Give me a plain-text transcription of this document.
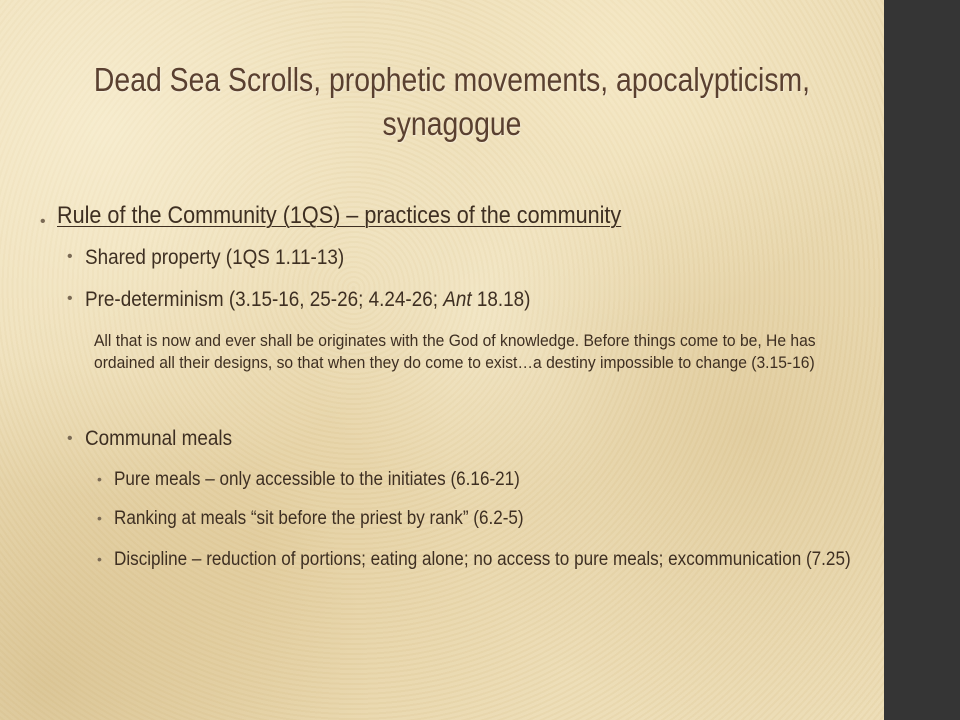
Dead Sea Scrolls, prophetic movements, apocalypticism, synagogue
• Rule of the Community (1QS) – practices of the community
• Shared property (1QS 1.11-13)
• Pre-determinism (3.15-16, 25-26; 4.24-26; Ant 18.18)
All that is now and ever shall be originates with the God of knowledge. Before things come to be, He has ordained all their designs, so that when they do come to exist…a destiny impossible to change (3.15-16)
• Communal meals
• Pure meals – only accessible to the initiates (6.16-21)
• Ranking at meals “sit before the priest by rank” (6.2-5)
• Discipline – reduction of portions; eating alone; no access to pure meals; excommunication (7.25)
